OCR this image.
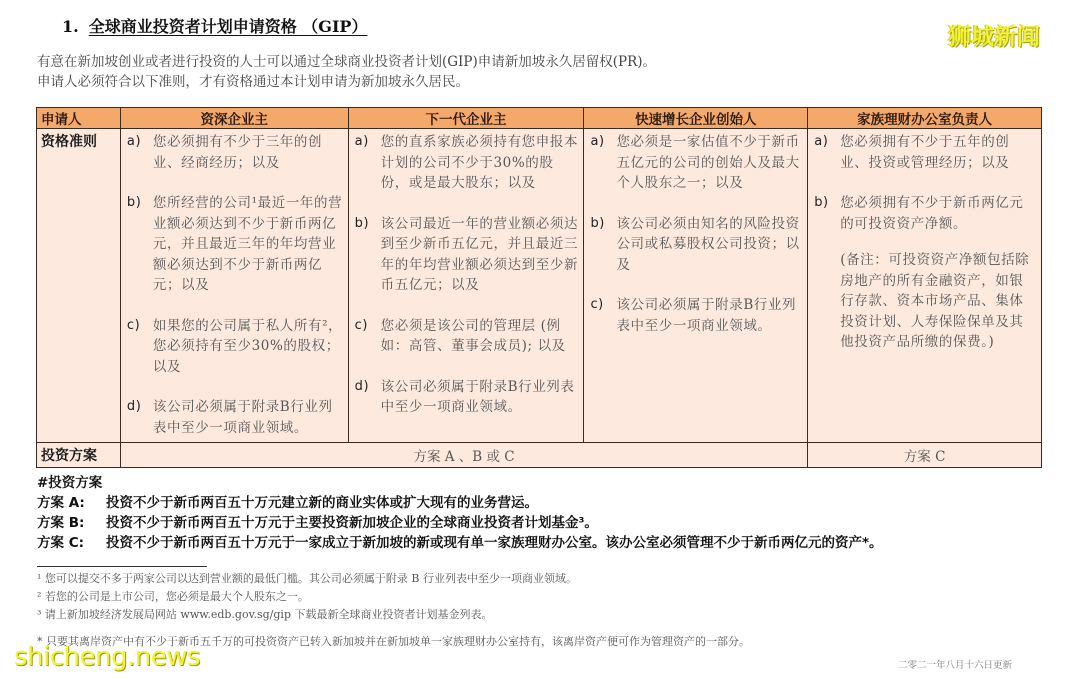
1. 全球商业投资者计划申请资格 （GIP）	狮城新闻
有意在新加坡创业或者进行投资的人士可以通过全球商业投资者计划(GIP)申请新加坡永久居留权(PR)。
申请人必须符合以下准则，才有资格通过本计划申请为新加坡永久居民。
申请人	资深企业主	下一代企业主	快速增长企业创始人	家族理财办公室负责人
资格准则	a) 您必须拥有不少于三年的创业、经商经历；以及
b) 您所经营的公司¹最近一年的营业额必须达到不少于新币两亿元，并且最近三年的年均营业额必须达到不少于新币两亿元；以及
c) 如果您的公司属于私人所有²，您必须持有至少30%的股权；以及
d) 该公司必须属于附录B行业列表中至少一项商业领域。

a) 您的直系家族必须持有您申报本计划的公司不少于30%的股份，或是最大股东；以及
b) 该公司最近一年的营业额必须达到至少新币五亿元，并且最近三年的年均营业额必须达到至少新币五亿元；以及
c) 您必须是该公司的管理层 (例如：高管、董事会成员); 以及
d) 该公司必须属于附录B行业列表中至少一项商业领域。

a) 您必须是一家估值不少于新币五亿元的公司的创始人及最大个人股东之一；以及
b) 该公司必须由知名的风险投资公司或私募股权公司投资；以及
c) 该公司必须属于附录B行业列表中至少一项商业领域。

a) 您必须拥有不少于五年的创业、投资或管理经历；以及
b) 您必须拥有不少于新币两亿元的可投资资产净额。
(备注：可投资资产净额包括除房地产的所有金融资产，如银行存款、资本市场产品、集体投资计划、人寿保险保单及其他投资产品所缴的保费。)

投资方案	方案 A 、B 或 C			方案 C
#投资方案
方案 A:	投资不少于新币两百五十万元建立新的商业实体或扩大现有的业务营运。
方案 B:	投资不少于新币两百五十万元于主要投资新加坡企业的全球商业投资者计划基金³。
方案 C:	投资不少于新币两百五十万元于一家成立于新加坡的新或现有单一家族理财办公室。该办公室必须管理不少于新币两亿元的资产*。
¹ 您可以提交不多于两家公司以达到营业额的最低门槛。其公司必须属于附录 B 行业列表中至少一项商业领域。
² 若您的公司是上市公司，您必须是最大个人股东之一。
³ 请上新加坡经济发展局网站 www.edb.gov.sg/gip 下载最新全球商业投资者计划基金列表。
* 只要其离岸资产中有不少于新币五千万的可投资资产已转入新加坡并在新加坡单一家族理财办公室持有，该离岸资产便可作为管理资产的一部分。
二零二一年八月十六日更新
shicheng.news
